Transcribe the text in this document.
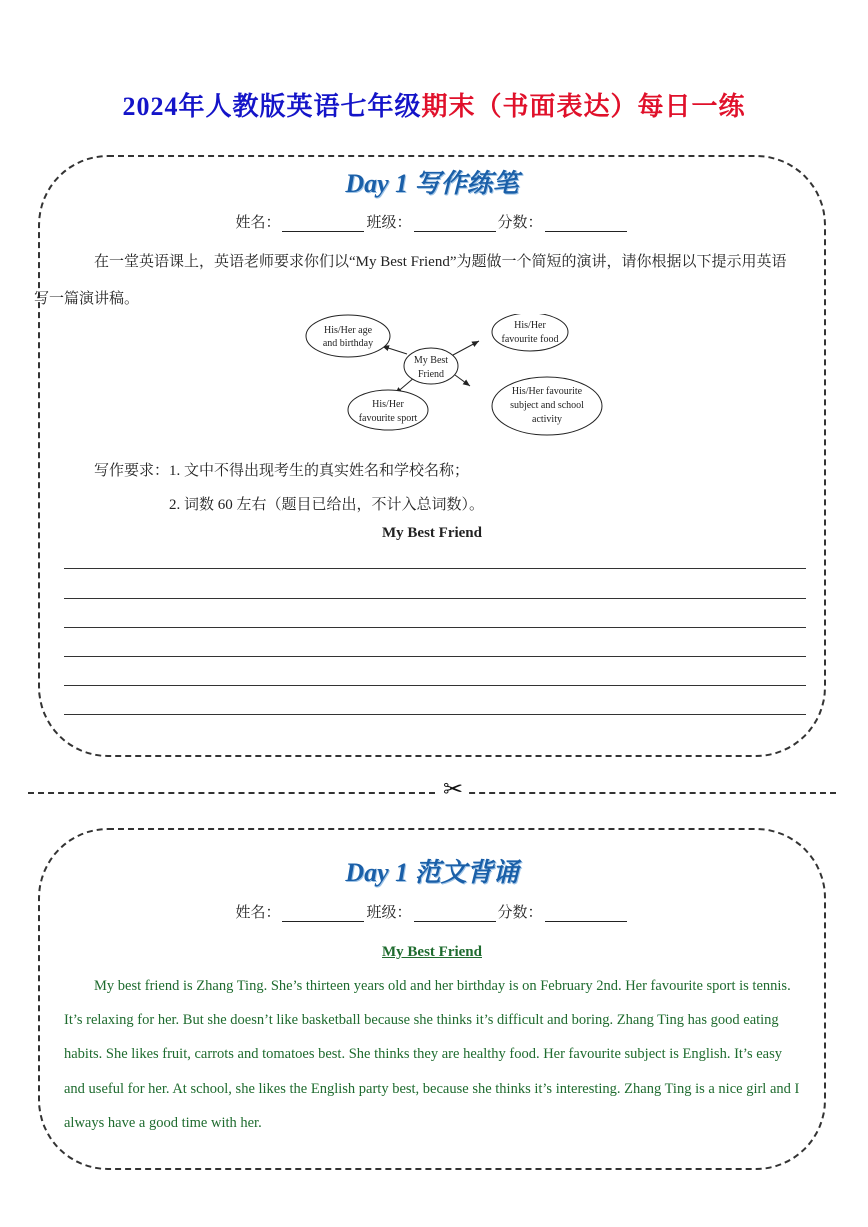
2024年人教版英语七年级期末（书面表达）每日一练
Day 1 写作练笔
姓名：	班级：	分数：
在一堂英语课上，英语老师要求你们以“My Best Friend”为题做一个简短的演讲，请你根据以下提示用英语
写一篇演讲稿。
His/Her age
and birthday
His/Her
favourite food
My Best
Friend
His/Her
favourite sport
His/Her favourite
subject and school
activity
写作要求：1. 文中不得出现考生的真实姓名和学校名称；
2. 词数 60 左右（题目已给出，不计入总词数）。
My Best Friend
✂
Day 1 范文背诵
姓名：	班级：	分数：
My Best Friend
My best friend is Zhang Ting. She’s thirteen years old and her birthday is on February 2nd. Her favourite sport is tennis. It’s relaxing for her. But she doesn’t like basketball because she thinks it’s difficult and boring. Zhang Ting has good eating habits. She likes fruit, carrots and tomatoes best. She thinks they are healthy food. Her favourite subject is English. It’s easy and useful for her. At school, she likes the English party best, because she thinks it’s interesting. Zhang Ting is a nice girl and I always have a good time with her.
